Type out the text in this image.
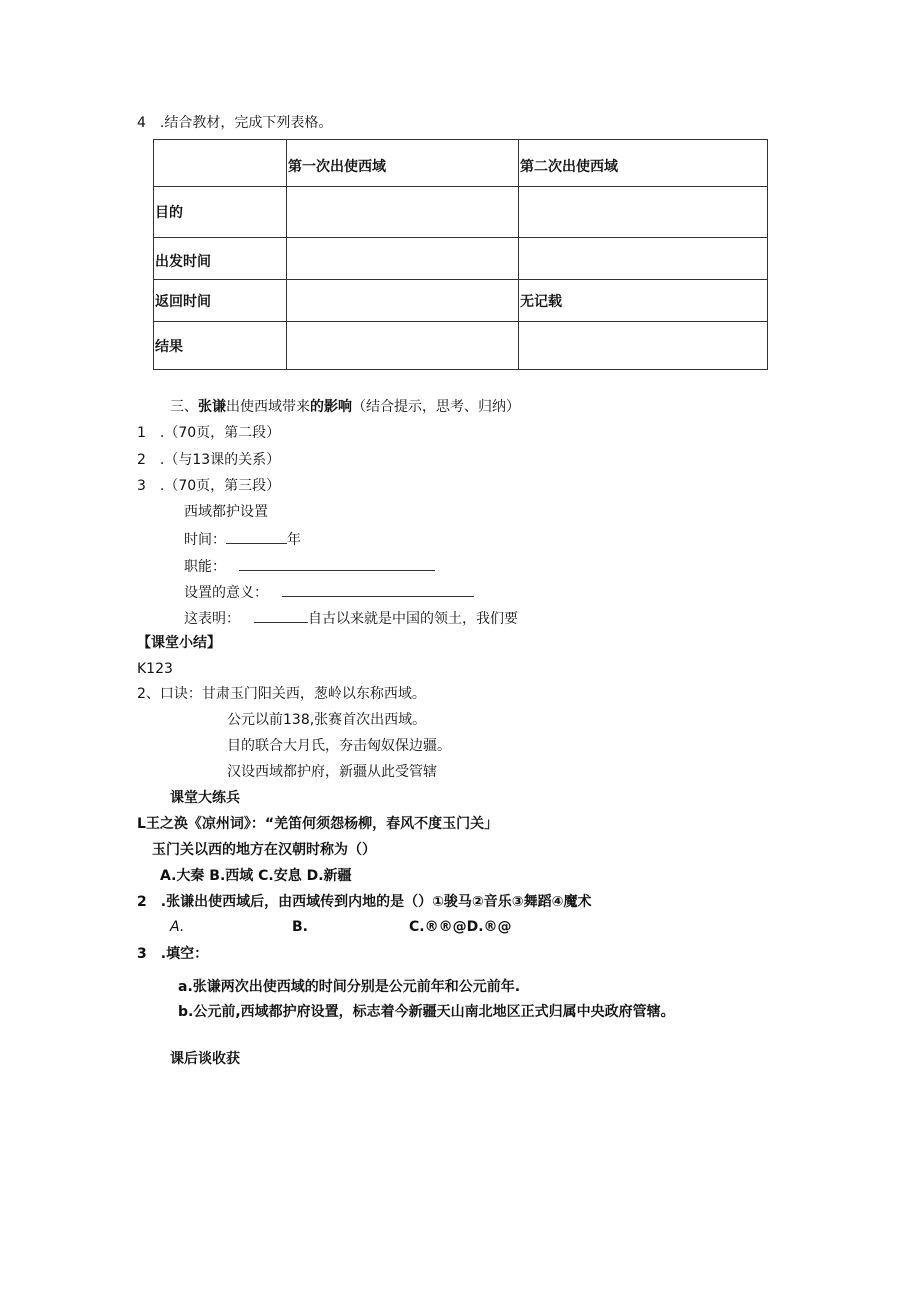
4　.结合教材，完成下列表格。
	第一次出使西域	第二次出使西域
目的		
出发时间		
返回时间		无记载
结果		
三、张谦出使西域带来的影响（结合提示，思考、归纳）
1　.（70页，第二段）
2　.（与13课的关系）
3　.（70页，第三段）
西域都护设置
时间：	年
职能：
设置的意义：
这表明：	自古以来就是中国的领土，我们要
【课堂小结】
K123
2、口诀：甘肃玉门阳关西，葱岭以东称西域。
公元以前138,张赛首次出西域。
目的联合大月氏，夯击匈奴保边疆。
汉设西域都护府，新疆从此受管辖
课堂大练兵
L王之涣《凉州词》：“羌笛何须怨杨柳，春风不度玉门关」
玉门关以西的地方在汉朝时称为（）
A.大秦 B.西域 C.安息 D.新疆
2 .张谦出使西域后，由西域传到内地的是（）①骏马②音乐③舞蹈④魔术
A.	B.	C.®®@D.®@
3 .填空：
a.张谦两次出使西域的时间分别是公元前年和公元前年.
b.公元前,西域都护府设置，标志着今新疆天山南北地区正式归属中央政府管辖。
课后谈收获
